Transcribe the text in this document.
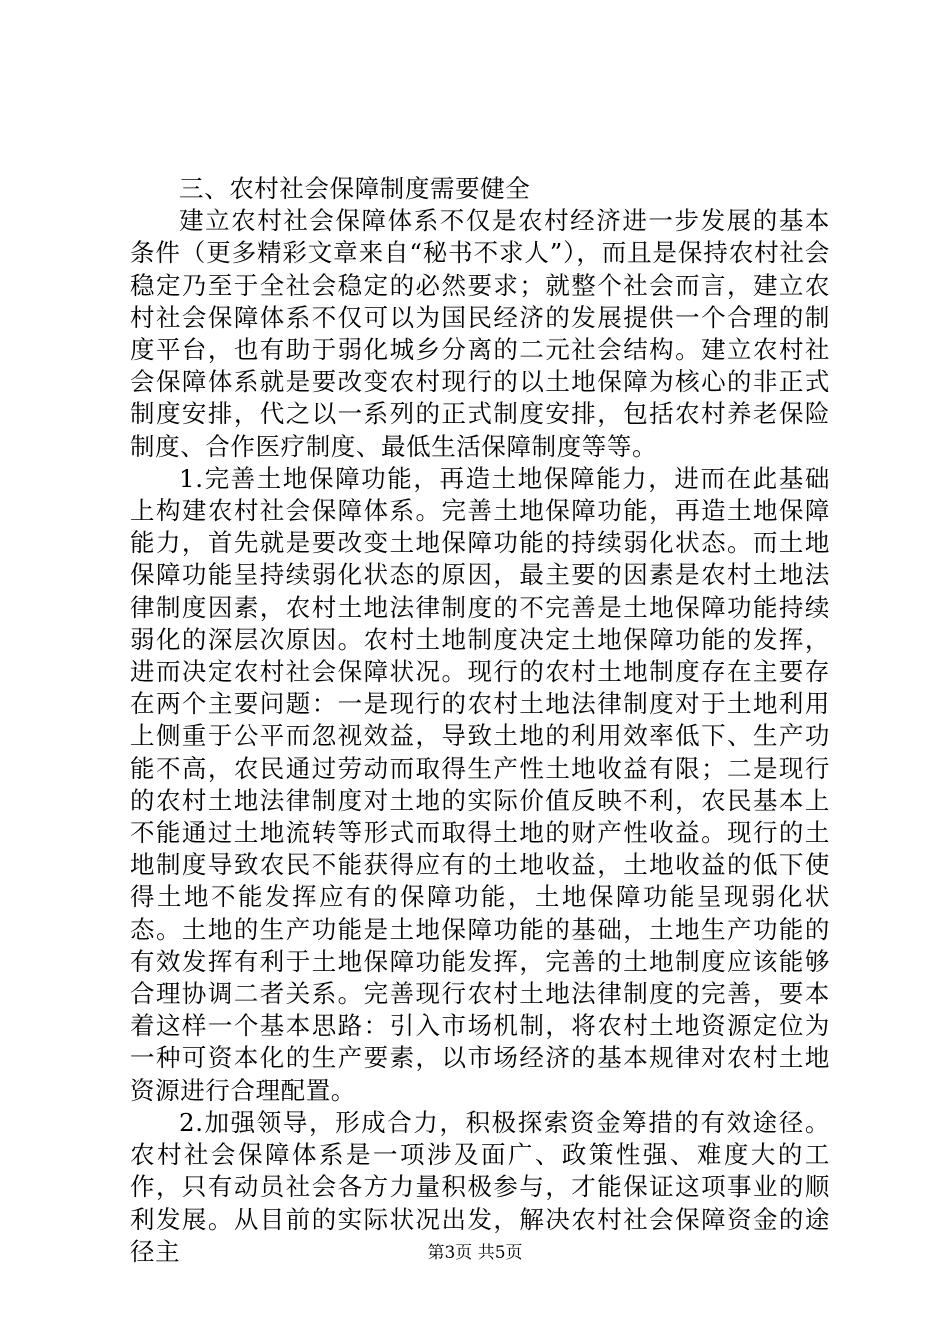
三、农村社会保障制度需要健全

建立农村社会保障体系不仅是农村经济进一步发展的基本条件（更多精彩文章来自“秘书不求人”），而且是保持农村社会稳定乃至于全社会稳定的必然要求；就整个社会而言，建立农村社会保障体系不仅可以为国民经济的发展提供一个合理的制度平台，也有助于弱化城乡分离的二元社会结构。建立农村社会保障体系就是要改变农村现行的以土地保障为核心的非正式制度安排，代之以一系列的正式制度安排，包括农村养老保险制度、合作医疗制度、最低生活保障制度等等。

1.完善土地保障功能，再造土地保障能力，进而在此基础上构建农村社会保障体系。完善土地保障功能，再造土地保障能力，首先就是要改变土地保障功能的持续弱化状态。而土地保障功能呈持续弱化状态的原因，最主要的因素是农村土地法律制度因素，农村土地法律制度的不完善是土地保障功能持续弱化的深层次原因。农村土地制度决定土地保障功能的发挥，进而决定农村社会保障状况。现行的农村土地制度存在主要存在两个主要问题：一是现行的农村土地法律制度对于土地利用上侧重于公平而忽视效益，导致土地的利用效率低下、生产功能不高，农民通过劳动而取得生产性土地收益有限；二是现行的农村土地法律制度对土地的实际价值反映不利，农民基本上不能通过土地流转等形式而取得土地的财产性收益。现行的土地制度导致农民不能获得应有的土地收益，土地收益的低下使得土地不能发挥应有的保障功能，土地保障功能呈现弱化状态。土地的生产功能是土地保障功能的基础，土地生产功能的有效发挥有利于土地保障功能发挥，完善的土地制度应该能够合理协调二者关系。完善现行农村土地法律制度的完善，要本着这样一个基本思路：引入市场机制，将农村土地资源定位为一种可资本化的生产要素，以市场经济的基本规律对农村土地资源进行合理配置。

2.加强领导，形成合力，积极探索资金筹措的有效途径。农村社会保障体系是一项涉及面广、政策性强、难度大的工作，只有动员社会各方力量积极参与，才能保证这项事业的顺利发展。从目前的实际状况出发，解决农村社会保障资金的途径主	第3页 共5页
